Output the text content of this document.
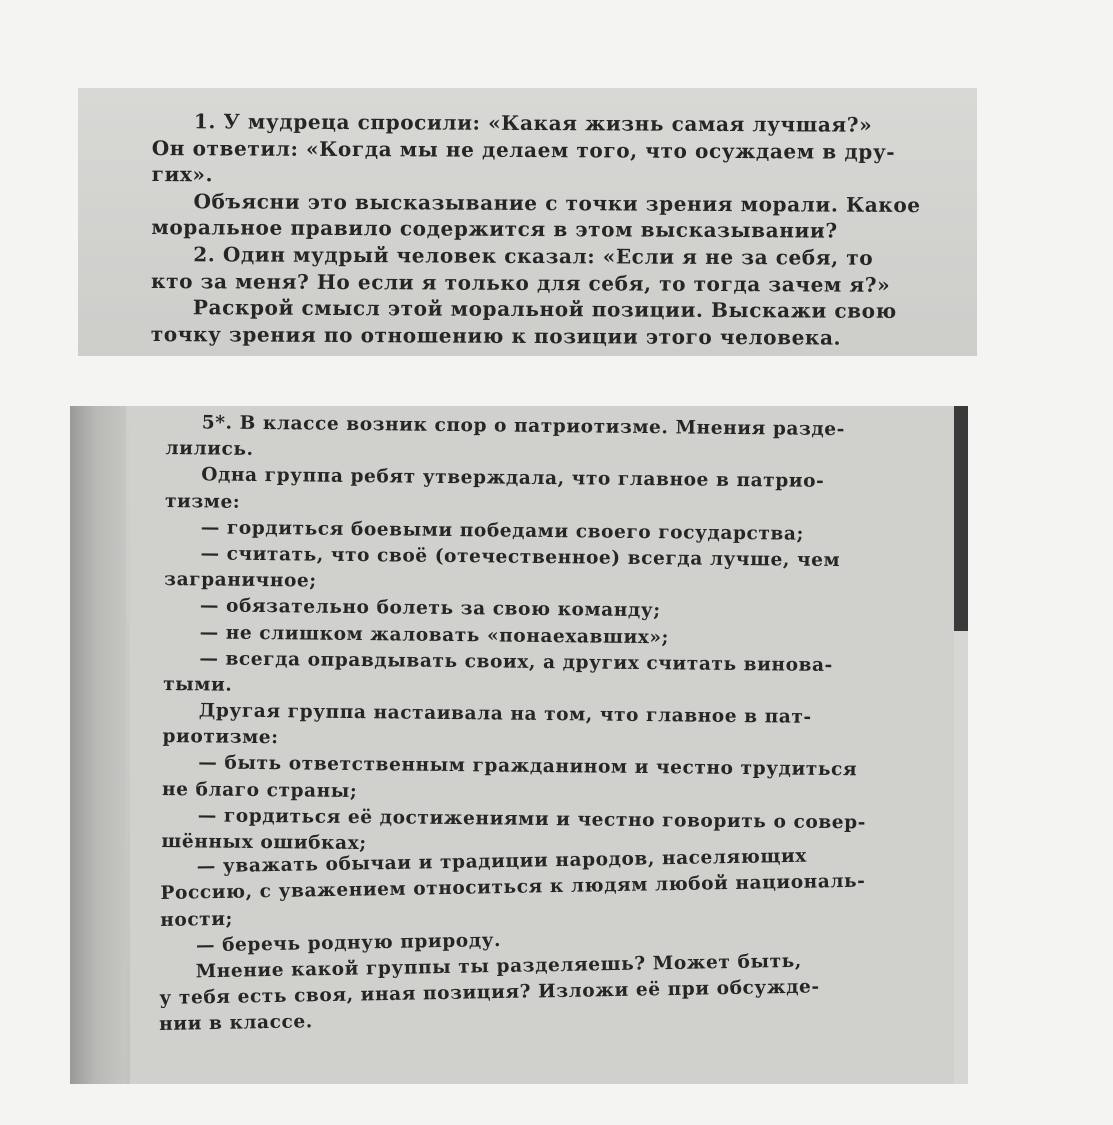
1. У мудреца спросили: «Какая жизнь самая лучшая?»
Он ответил: «Когда мы не делаем того, что осуждаем в дру-
гих».
Объясни это высказывание с точки зрения морали. Какое
моральное правило содержится в этом высказывании?
2. Один мудрый человек сказал: «Если я не за себя, то
кто за меня? Но если я только для себя, то тогда зачем я?»
Раскрой смысл этой моральной позиции. Выскажи свою
точку зрения по отношению к позиции этого человека.
5*. В классе возник спор о патриотизме. Мнения разде-
лились.
Одна группа ребят утверждала, что главное в патрио-
тизме:
— гордиться боевыми победами своего государства;
— считать, что своё (отечественное) всегда лучше, чем
заграничное;
— обязательно болеть за свою команду;
— не слишком жаловать «понаехавших»;
— всегда оправдывать своих, а других считать винова-
тыми.
Другая группа настаивала на том, что главное в пат-
риотизме:
— быть ответственным гражданином и честно трудиться
не благо страны;
— гордиться её достижениями и честно говорить о совер-
шённых ошибках;
— уважать обычаи и традиции народов, населяющих
Россию, с уважением относиться к людям любой националь-
ности;
— беречь родную природу.
Мнение какой группы ты разделяешь? Может быть,
у тебя есть своя, иная позиция? Изложи её при обсужде-
нии в классе.
